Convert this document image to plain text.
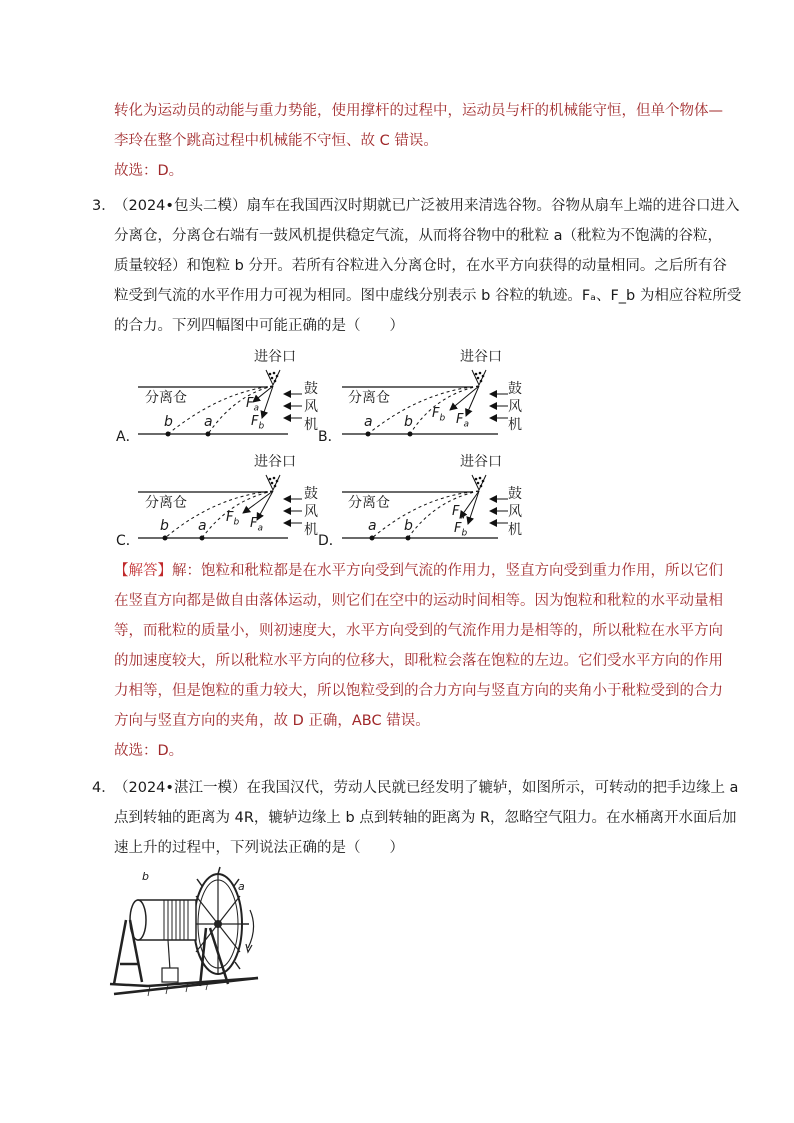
转化为运动员的动能与重力势能，使用撑杆的过程中，运动员与杆的机械能守恒，但单个物体—
李玲在整个跳高过程中机械能不守恒、故 C 错误。
故选：D。
3．
（2024•包头二模）扇车在我国西汉时期就已广泛被用来清选谷物。谷物从扇车上端的进谷口进入
分离仓，分离仓右端有一鼓风机提供稳定气流，从而将谷物中的秕粒 a（秕粒为不饱满的谷粒，
质量较轻）和饱粒 b 分开。若所有谷粒进入分离仓时，在水平方向获得的动量相同。之后所有谷
粒受到气流的水平作用力可视为相同。图中虚线分别表示 b 谷粒的轨迹。Fₐ、F_b 为相应谷粒所受
的合力。下列四幅图中可能正确的是（　　）
进谷口
分离仓
鼓
风
机
b a
$F_a$
$F_b$
A．
进谷口
分离仓
鼓
风
机
a b
$F_b$ $F_a$
B．
进谷口
分离仓
鼓
风
机
b a
$F_b$ $F_a$
C．
进谷口
分离仓
鼓
风
机
a b
$F_a$
$F_b$
D．
【解答】解：饱粒和秕粒都是在水平方向受到气流的作用力，竖直方向受到重力作用，所以它们
在竖直方向都是做自由落体运动，则它们在空中的运动时间相等。因为饱粒和秕粒的水平动量相
等，而秕粒的质量小，则初速度大，水平方向受到的气流作用力是相等的，所以秕粒在水平方向
的加速度较大，所以秕粒水平方向的位移大，即秕粒会落在饱粒的左边。它们受水平方向的作用
力相等，但是饱粒的重力较大，所以饱粒受到的合力方向与竖直方向的夹角小于秕粒受到的合力
方向与竖直方向的夹角，故 D 正确，ABC 错误。
故选：D。
4．
（2024•湛江一模）在我国汉代，劳动人民就已经发明了辘轳，如图所示，可转动的把手边缘上 a
点到转轴的距离为 4R，辘轳边缘上 b 点到转轴的距离为 R，忽略空气阻力。在水桶离开水面后加
速上升的过程中，下列说法正确的是（　　）
b
a
